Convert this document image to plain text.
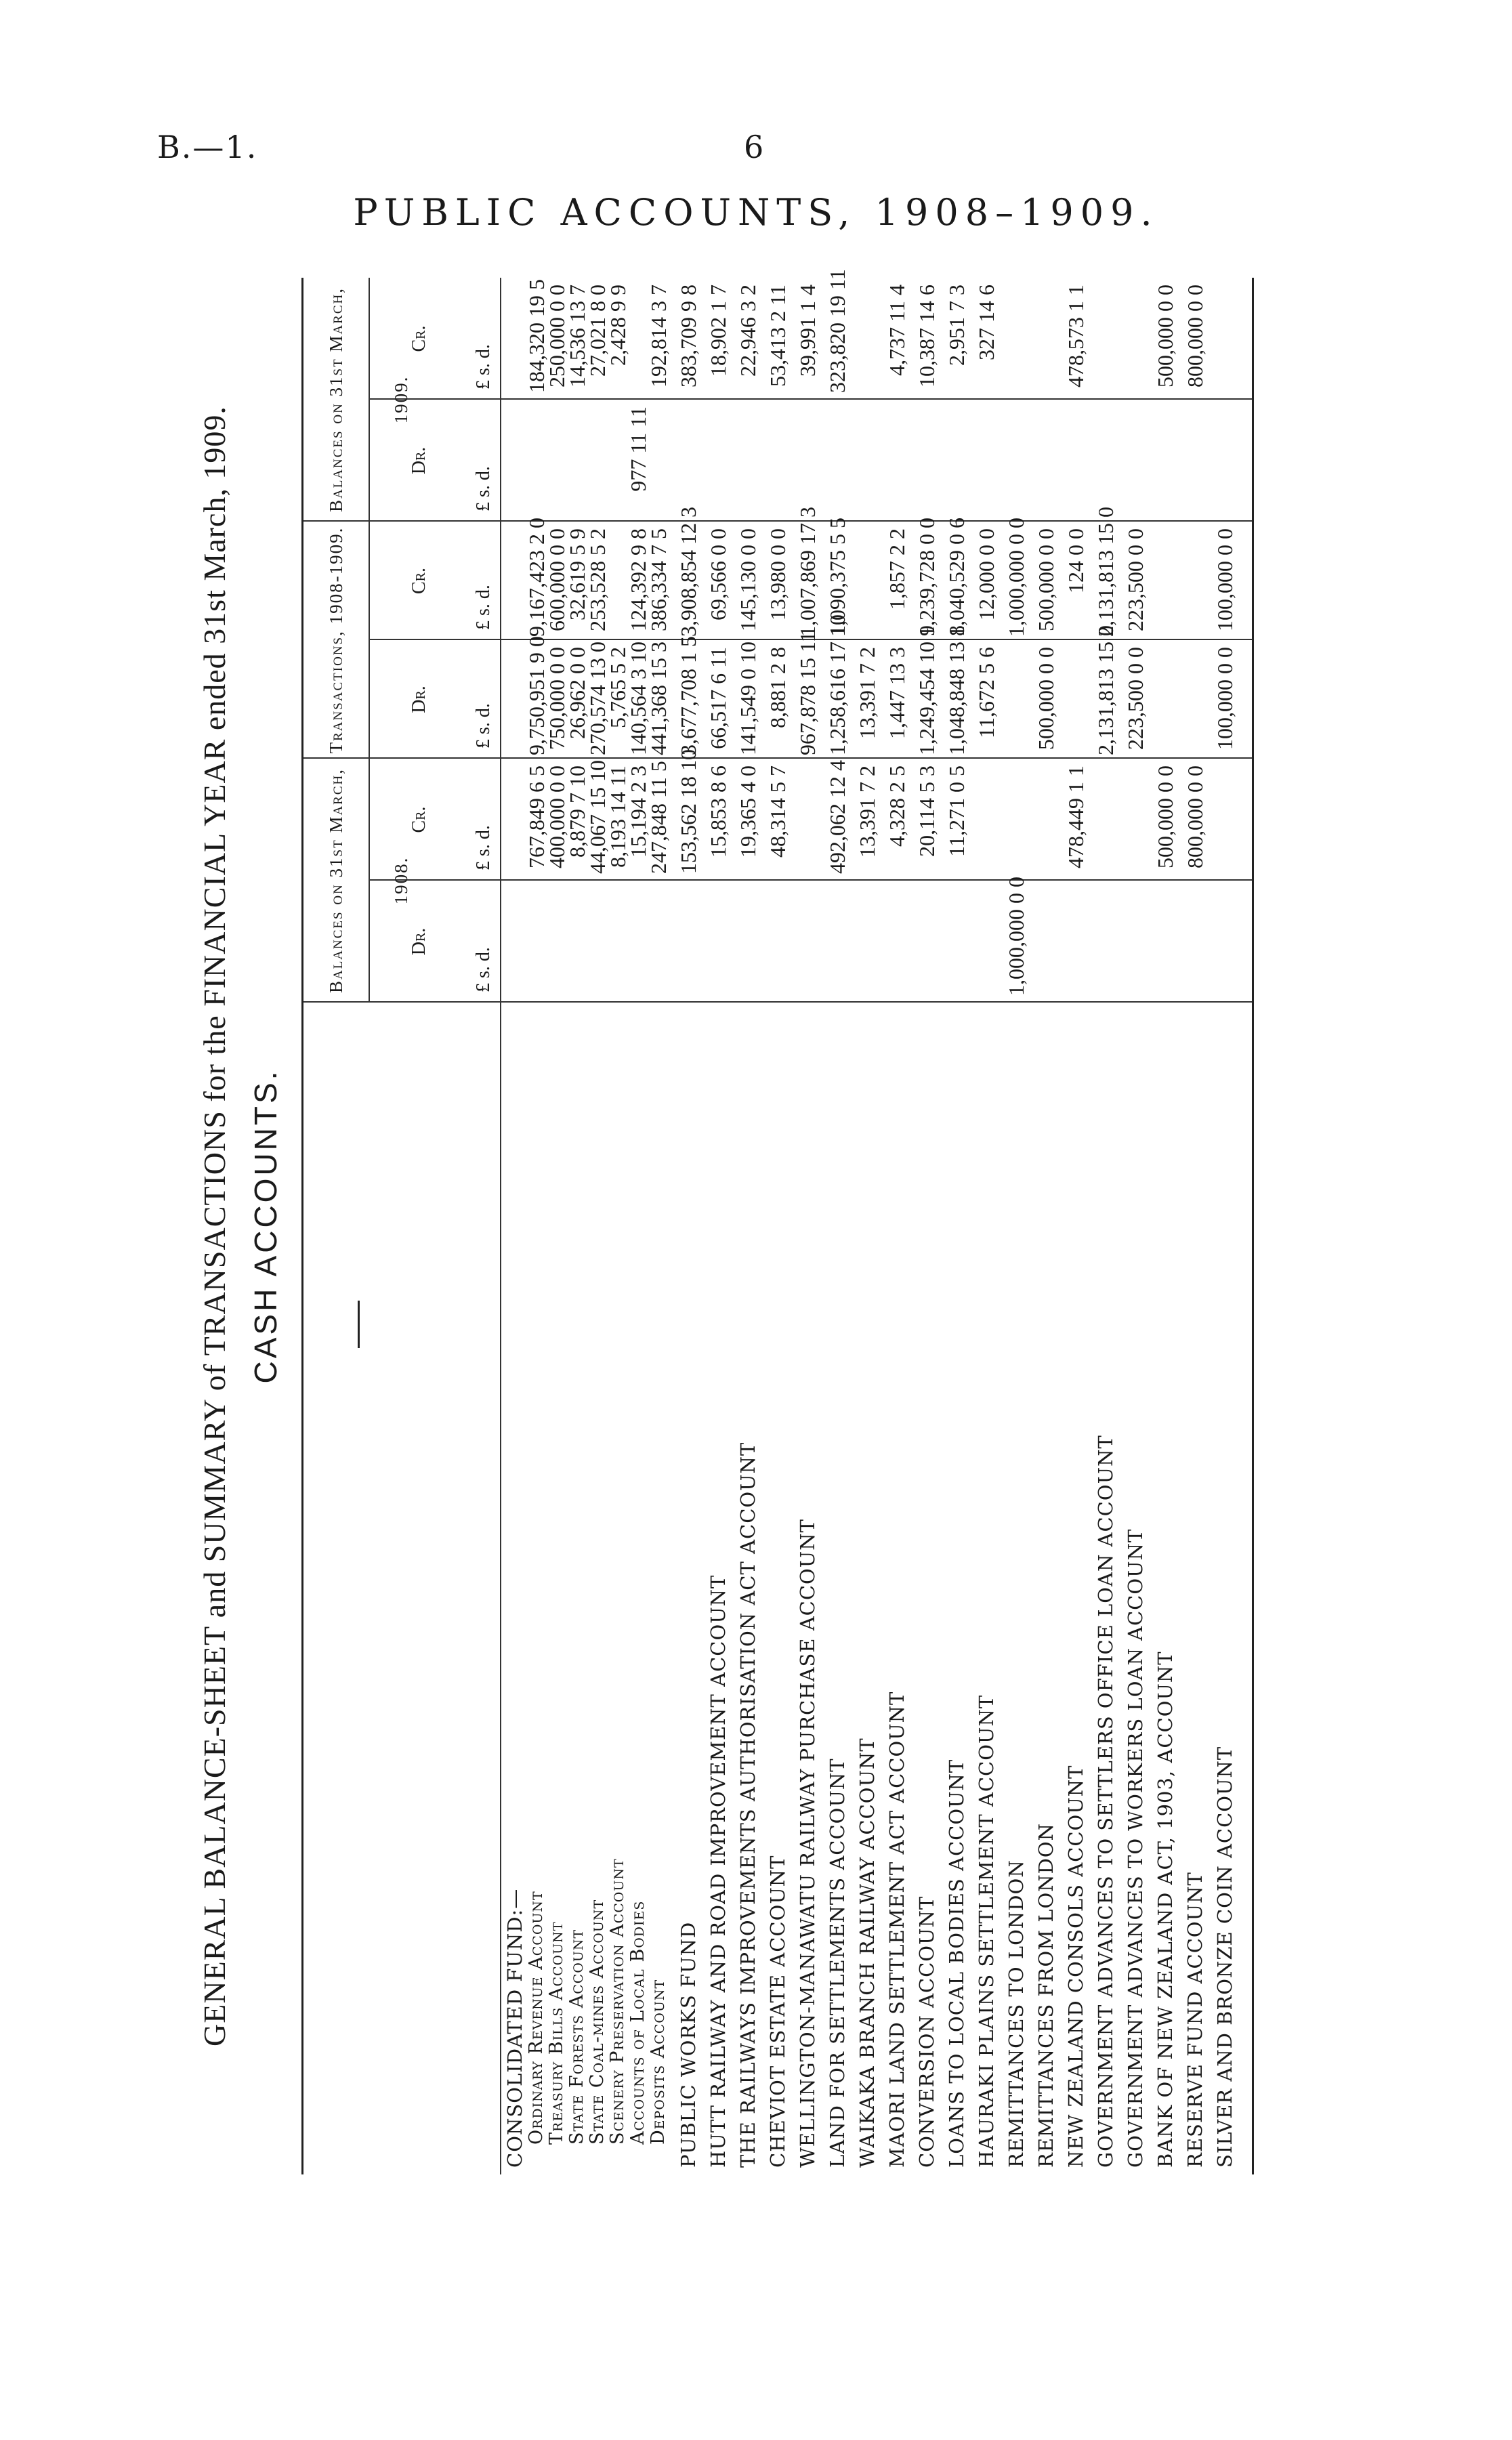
B.—1.	6
PUBLIC ACCOUNTS, 1908–1909.
GENERAL BALANCE-SHEET and SUMMARY of TRANSACTIONS for the FINANCIAL YEAR ended 31st March, 1909. CASH ACCOUNTS.
Balances on 31st March, 1908.
Transactions, 1908-1909.
Balances on 31st March, 1909.
Dr.
Cr.
Dr.
Cr.
Dr.
Cr.
£ s. d.
£ s. d.
£ s. d.
£ s. d.
£ s. d.
£ s. d.
CONSOLIDATED FUND:— Ordinary Revenue Account
767,849 6 5
9,750,951 9 0
9,167,423 2 0
184,320 19 5
Treasury Bills Account
400,000 0 0
750,000 0 0
600,000 0 0
250,000 0 0
State Forests Account
8,879 7 10
26,962 0 0
32,619 5 9
14,536 13 7
State Coal-mines Account
44,067 15 10
270,574 13 0
253,528 5 2
27,021 8 0
Scenery Preservation Account
8,193 14 11
5,765 5 2
2,428 9 9
Accounts of Local Bodies
15,194 2 3
140,564 3 10
124,392 9 8
977 11 11
Deposits Account
247,848 11 5
441,368 15 3
386,334 7 5
192,814 3 7
PUBLIC WORKS FUND
153,562 18 10
3,677,708 1 5
3,908,854 12 3
383,709 9 8
HUTT RAILWAY AND ROAD IMPROVEMENT ACCOUNT
15,853 8 6
66,517 6 11
69,566 0 0
18,902 1 7
THE RAILWAYS IMPROVEMENTS AUTHORISATION ACT ACCOUNT
19,365 4 0
141,549 0 10
145,130 0 0
22,946 3 2
CHEVIOT ESTATE ACCOUNT
48,314 5 7
8,881 2 8
13,980 0 0
53,413 2 11
WELLINGTON-MANAWATU RAILWAY PURCHASE ACCOUNT
967,878 15 11
1,007,869 17 3
39,991 1 4
LAND FOR SETTLEMENTS ACCOUNT
492,062 12 4
1,258,616 17 10
1,090,375 5 5
323,820 19 11
WAIKAKA BRANCH RAILWAY ACCOUNT
13,391 7 2
13,391 7 2
MAORI LAND SETTLEMENT ACT ACCOUNT
4,328 2 5
1,447 13 3
1,857 2 2
4,737 11 4
CONVERSION ACCOUNT
20,114 5 3
1,249,454 10 9
1,239,728 0 0
10,387 14 6
LOANS TO LOCAL BODIES ACCOUNT
11,271 0 5
1,048,848 13 8
1,040,529 0 6
2,951 7 3
HAURAKI PLAINS SETTLEMENT ACCOUNT
11,672 5 6
12,000 0 0
327 14 6
REMITTANCES TO LONDON
1,000,000 0 0
1,000,000 0 0
REMITTANCES FROM LONDON
500,000 0 0
500,000 0 0
NEW ZEALAND CONSOLS ACCOUNT
478,449 1 1
124 0 0
478,573 1 1
GOVERNMENT ADVANCES TO SETTLERS OFFICE LOAN ACCOUNT
2,131,813 15 0
2,131,813 15 0
GOVERNMENT ADVANCES TO WORKERS LOAN ACCOUNT
223,500 0 0
223,500 0 0
BANK OF NEW ZEALAND ACT, 1903, ACCOUNT
500,000 0 0
500,000 0 0
RESERVE FUND ACCOUNT
800,000 0 0
800,000 0 0
SILVER AND BRONZE COIN ACCOUNT
100,000 0 0
100,000 0 0
